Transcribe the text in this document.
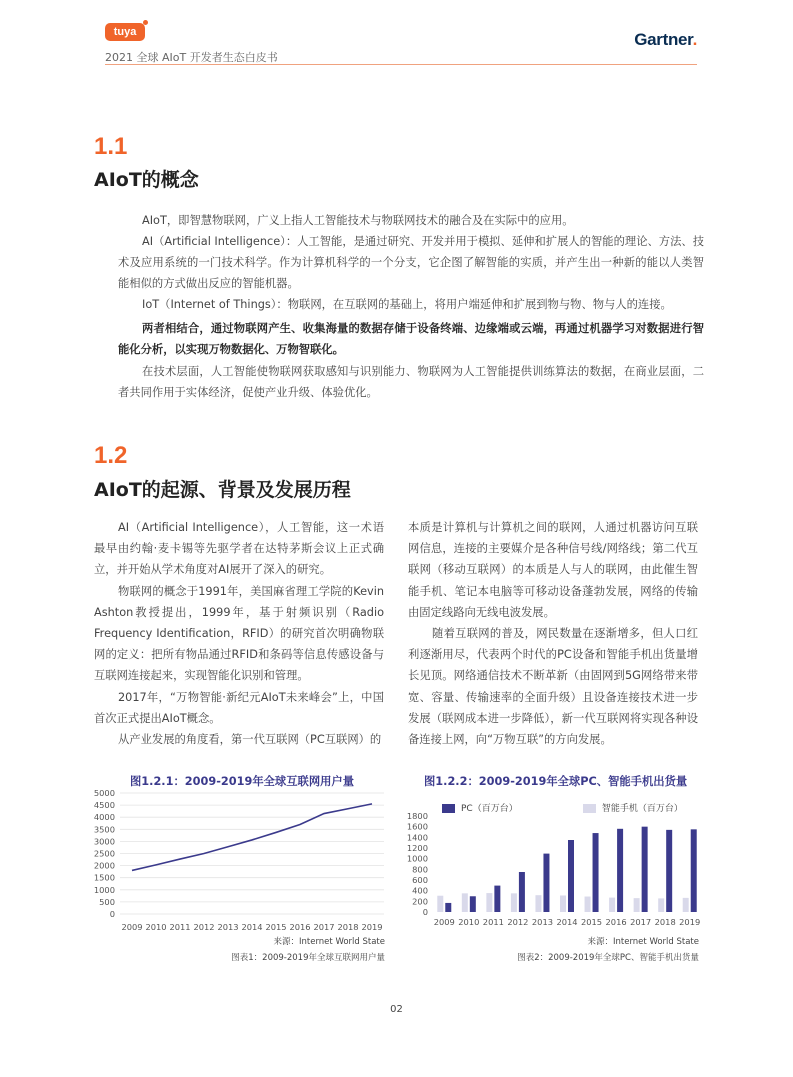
tuya
2021 全球 AIoT 开发者生态白皮书
Gartner.
1.1
AIoT的概念

AIoT，即智慧物联网，广义上指人工智能技术与物联网技术的融合及在实际中的应用。

AI（Artificial Intelligence）：人工智能，是通过研究、开发并用于模拟、延伸和扩展人的智能的理论、方法、技术及应用系统的一门技术科学。作为计算机科学的一个分支，它企图了解智能的实质，并产生出一种新的能以人类智能相似的方式做出反应的智能机器。

IoT（Internet of Things）：物联网，在互联网的基础上，将用户端延伸和扩展到物与物、物与人的连接。

两者相结合，通过物联网产生、收集海量的数据存储于设备终端、边缘端或云端，再通过机器学习对数据进行智能化分析，以实现万物数据化、万物智联化。

在技术层面，人工智能使物联网获取感知与识别能力、物联网为人工智能提供训练算法的数据，在商业层面，二者共同作用于实体经济，促使产业升级、体验优化。

1.2
AIoT的起源、背景及发展历程

AI（Artificial Intelligence），人工智能，这一术语最早由约翰·麦卡锡等先驱学者在达特茅斯会议上正式确立，并开始从学术角度对AI展开了深入的研究。

物联网的概念于1991年，美国麻省理工学院的Kevin Ashton教授提出，1999年，基于射频识别（Radio Frequency Identification，RFID）的研究首次明确物联网的定义：把所有物品通过RFID和条码等信息传感设备与互联网连接起来，实现智能化识别和管理。

2017年，“万物智能·新纪元AIoT未来峰会”上，中国首次正式提出AIoT概念。

从产业发展的角度看，第一代互联网（PC互联网）的

本质是计算机与计算机之间的联网，人通过机器访问互联网信息，连接的主要媒介是各种信号线/网络线；第二代互联网（移动互联网）的本质是人与人的联网，由此催生智能手机、笔记本电脑等可移动设备蓬勃发展，网络的传输由固定线路向无线电波发展。

随着互联网的普及，网民数量在逐渐增多，但人口红利逐渐用尽，代表两个时代的PC设备和智能手机出货量增长见顶。网络通信技术不断革新（由固网到5G网络带来带宽、容量、传输速率的全面升级）且设备连接技术进一步发展（联网成本进一步降低），新一代互联网将实现各种设备连接上网，向“万物互联”的方向发展。

图1.2.1：2009-2019年全球互联网用户量
0
500
1000
1500
2000
2500
3000
3500
4000
4500
5000
2009 2010 2011 2012 2013 2014 2015 2016 2017 2018 2019
来源：Internet World State
图表1：2009-2019年全球互联网用户量
图1.2.2：2009-2019年全球PC、智能手机出货量
PC（百万台）	智能手机（百万台）
0
200
400
600
800
1000
1200
1400
1600
1800
2009 2010 2011 2012 2013 2014 2015 2016 2017 2018 2019
来源：Internet World State
图表2：2009-2019年全球PC、智能手机出货量
02
